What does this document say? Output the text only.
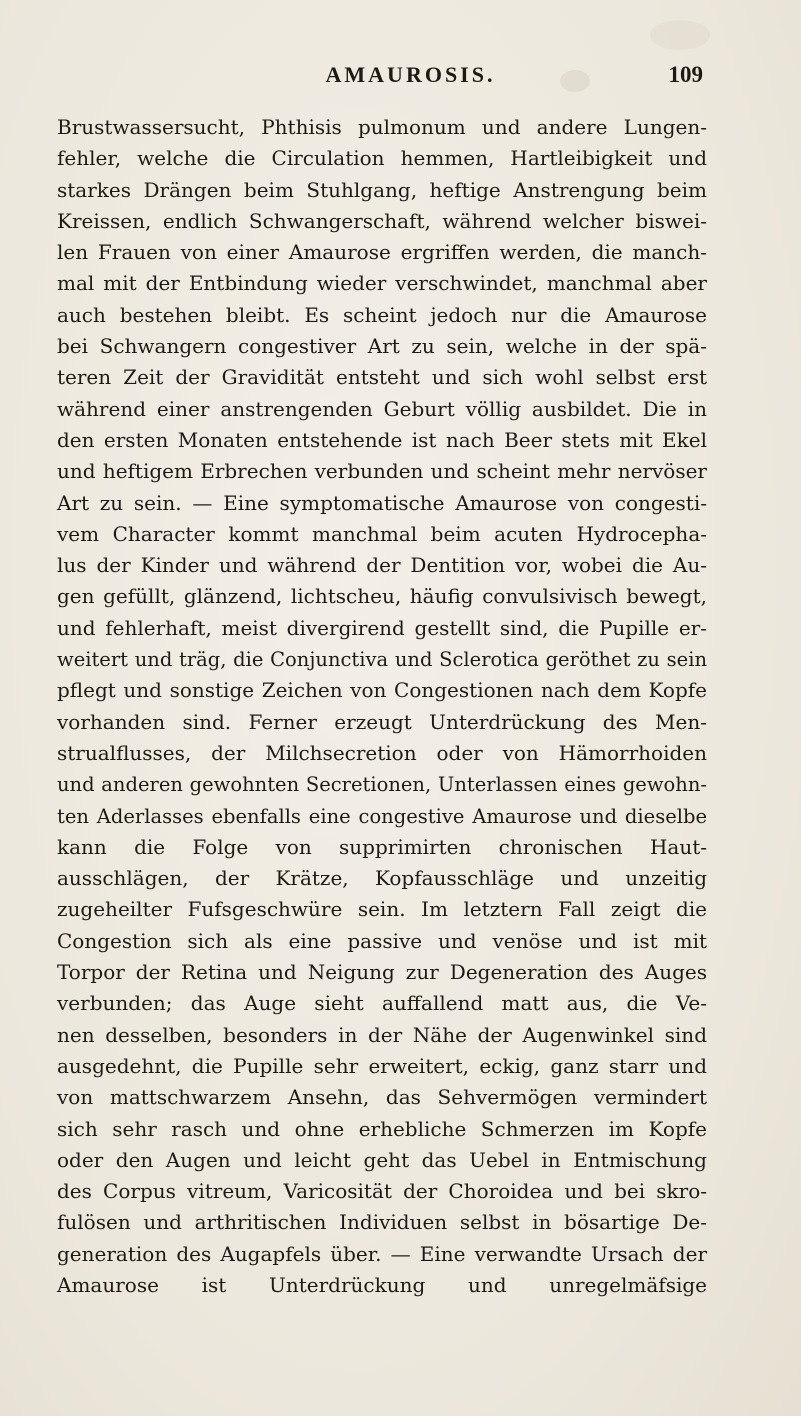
AMAUROSIS.	109
Brustwassersucht, Phthisis pulmonum und andere Lungen-
fehler, welche die Circulation hemmen, Hartleibigkeit und
starkes Drängen beim Stuhlgang, heftige Anstrengung beim
Kreissen, endlich Schwangerschaft, während welcher biswei-
len Frauen von einer Amaurose ergriffen werden, die manch-
mal mit der Entbindung wieder verschwindet, manchmal aber
auch bestehen bleibt. Es scheint jedoch nur die Amaurose
bei Schwangern congestiver Art zu sein, welche in der spä-
teren Zeit der Gravidität entsteht und sich wohl selbst erst
während einer anstrengenden Geburt völlig ausbildet. Die in
den ersten Monaten entstehende ist nach Beer stets mit Ekel
und heftigem Erbrechen verbunden und scheint mehr nervöser
Art zu sein. — Eine symptomatische Amaurose von congesti-
vem Character kommt manchmal beim acuten Hydrocepha-
lus der Kinder und während der Dentition vor, wobei die Au-
gen gefüllt, glänzend, lichtscheu, häufig convulsivisch bewegt,
und fehlerhaft, meist divergirend gestellt sind, die Pupille er-
weitert und träg, die Conjunctiva und Sclerotica geröthet zu sein
pflegt und sonstige Zeichen von Congestionen nach dem Kopfe
vorhanden sind. Ferner erzeugt Unterdrückung des Men-
strualflusses, der Milchsecretion oder von Hämorrhoiden
und anderen gewohnten Secretionen, Unterlassen eines gewohn-
ten Aderlasses ebenfalls eine congestive Amaurose und dieselbe
kann die Folge von supprimirten chronischen Haut-
ausschlägen, der Krätze, Kopfausschläge und unzeitig
zugeheilter Fufsgeschwüre sein. Im letztern Fall zeigt die
Congestion sich als eine passive und venöse und ist mit
Torpor der Retina und Neigung zur Degeneration des Auges
verbunden; das Auge sieht auffallend matt aus, die Ve-
nen desselben, besonders in der Nähe der Augenwinkel sind
ausgedehnt, die Pupille sehr erweitert, eckig, ganz starr und
von mattschwarzem Ansehn, das Sehvermögen vermindert
sich sehr rasch und ohne erhebliche Schmerzen im Kopfe
oder den Augen und leicht geht das Uebel in Entmischung
des Corpus vitreum, Varicosität der Choroidea und bei skro-
fulösen und arthritischen Individuen selbst in bösartige De-
generation des Augapfels über. — Eine verwandte Ursach der
Amaurose ist Unterdrückung und unregelmäfsige
